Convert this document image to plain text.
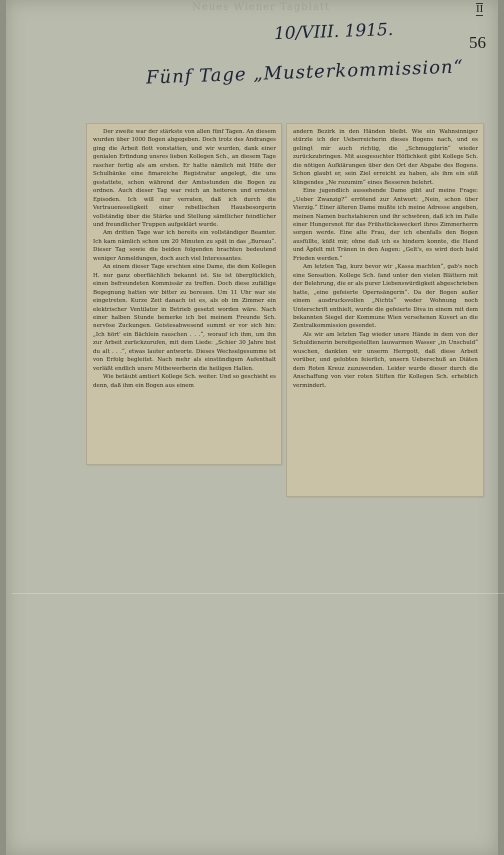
Neues Wiener Tagblatt	II
10/VIII. 1915.	56
Fünf Tage „Musterkommission“

Der zweite war der stärkste von allen fünf Tagen. An diesem wurden über 1000 Bogen abgegeben. Doch trotz des Andranges ging die Arbeit flott vonstatten, und wir wurden, dank einer genialen Erfindung unsres lieben Kollegen Sch., an diesem Tage rascher fertig als am ersten. Er hatte nämlich mit Hilfe der Schulbänke eine fimareiche Registratur angelegt, die uns gestattete, schon während der Amtsstunden die Bogen zu ordnen. Auch dieser Tag war reich an heiteren und ernsten Episoden. Ich will nur verraten, daß ich durch die Vertrauensseligkeit einer rebellischen Hausbesorgerin vollständig über die Stärke und Stellung sämtlicher feindlicher und freundlicher Truppen aufgeklärt wurde.

Am dritten Tage war ich bereits ein vollständiger Beamter. Ich kam nämlich schon um 20 Minuten zu spät in das „Bureau“. Dieser Tag sowie die beiden folgenden brachten bedeutend weniger Anmeldungen, doch auch viel Interessantes.

An einem dieser Tage erschien eine Dame, die dem Kollegen H. nur ganz oberflächlich bekannt ist. Sie ist überglücklich, einen befreundeten Kommissär zu treffen. Doch diese zufällige Begegnung hatten wir bitter zu bereuen. Um 11 Uhr war sie eingetreten. Kurze Zeit danach ist es, als ob im Zimmer ein elektrischer Ventilator in Betrieb gesetzt worden wäre. Nach einer halben Stunde bemerke ich bei meinem Freunde Sch. nervöse Zuckungen. Geistesabwesend summt er vor sich hin: „Ich hört' ein Bächlein rauschen . . .“, worauf ich ihm, um ihn zur Arbeit zurückzurufen, mit dem Liede: „Schier 30 Jahre bist du alt . . .“, etwas lauter antworte. Dieses Wechselgesumme ist von Erfolg begleitet. Nach mehr als einstündigem Aufenthalt verläßt endlich unsre Mitbewerberin die heiligen Hallen.

Wie betäubt amtiert Kollege Sch. weiter. Und so geschieht es denn, daß ihm ein Bogen aus einem

andern Bezirk in den Händen bleibt. Wie ein Wahnsinniger stürzte ich der Ueberreicherin dieses Bogens nach, und es gelingt mir auch richtig, die „Schmugglerin“ wieder zurückzubringen. Mit ausgesuchter Höflichkeit gibt Kollege Sch. die nötigen Aufklärungen über den Ort der Abgabe des Bogens. Schon glaubt er, sein Ziel erreicht zu haben, als ihm ein süß klingendes „Ne rozumim“ eines Besseren belehrt.

Eine jugendlich aussehende Dame gibt auf meine Frage: „Ueber Zwanzig?“ errötend zur Antwort: „Nein, schon über Vierzig.“ Einer älteren Dame mußte ich meine Adresse angeben, meinen Namen buchstabieren und ihr schwören, daß ich im Falle einer Hungersnot für das Frühstücksweckerl ihres Zimmerherrn sorgen werde. Eine alte Frau, der ich ebenfalls den Bogen ausfüllte, küßt mir, ohne daß ich es hindern konnte, die Hand und Äpfelt mit Tränen in den Augen: „Gelt's, es wird doch bald Frieden werden.“

Am letzten Tag, kurz bevor wir „Kassa machten“, gab's noch eine Sensation. Kollege Sch. fand unter den vielen Blättern mit der Belehrung, die er als purer Liebenswürdigkeit abgeschrieben hatte, „eine gefeierte Opernsängerin“. Da der Bogen außer einem ausdrucksvollen „Nichts“ weder Wohnung noch Unterschrift enthielt, wurde die gefeierte Diva in einem mit dem bekannten Siegel der Kommune Wien versehenen Kuvert an die Zentralkommission gesendet.

Als wir am letzten Tag wieder unsre Hände in dem von der Schuldienerin bereitgestellten lauwarmen Wasser „in Unschuld“ wuschen, dankten wir unserm Herrgott, daß diese Arbeit vorüber, und gelobten feierlich, unsern Ueberschuß an Diäten dem Roten Kreuz zuzuwenden. Leider wurde dieser durch die Anschaffung von vier roten Stiften für Kollegen Sch. erheblich vermindert.
